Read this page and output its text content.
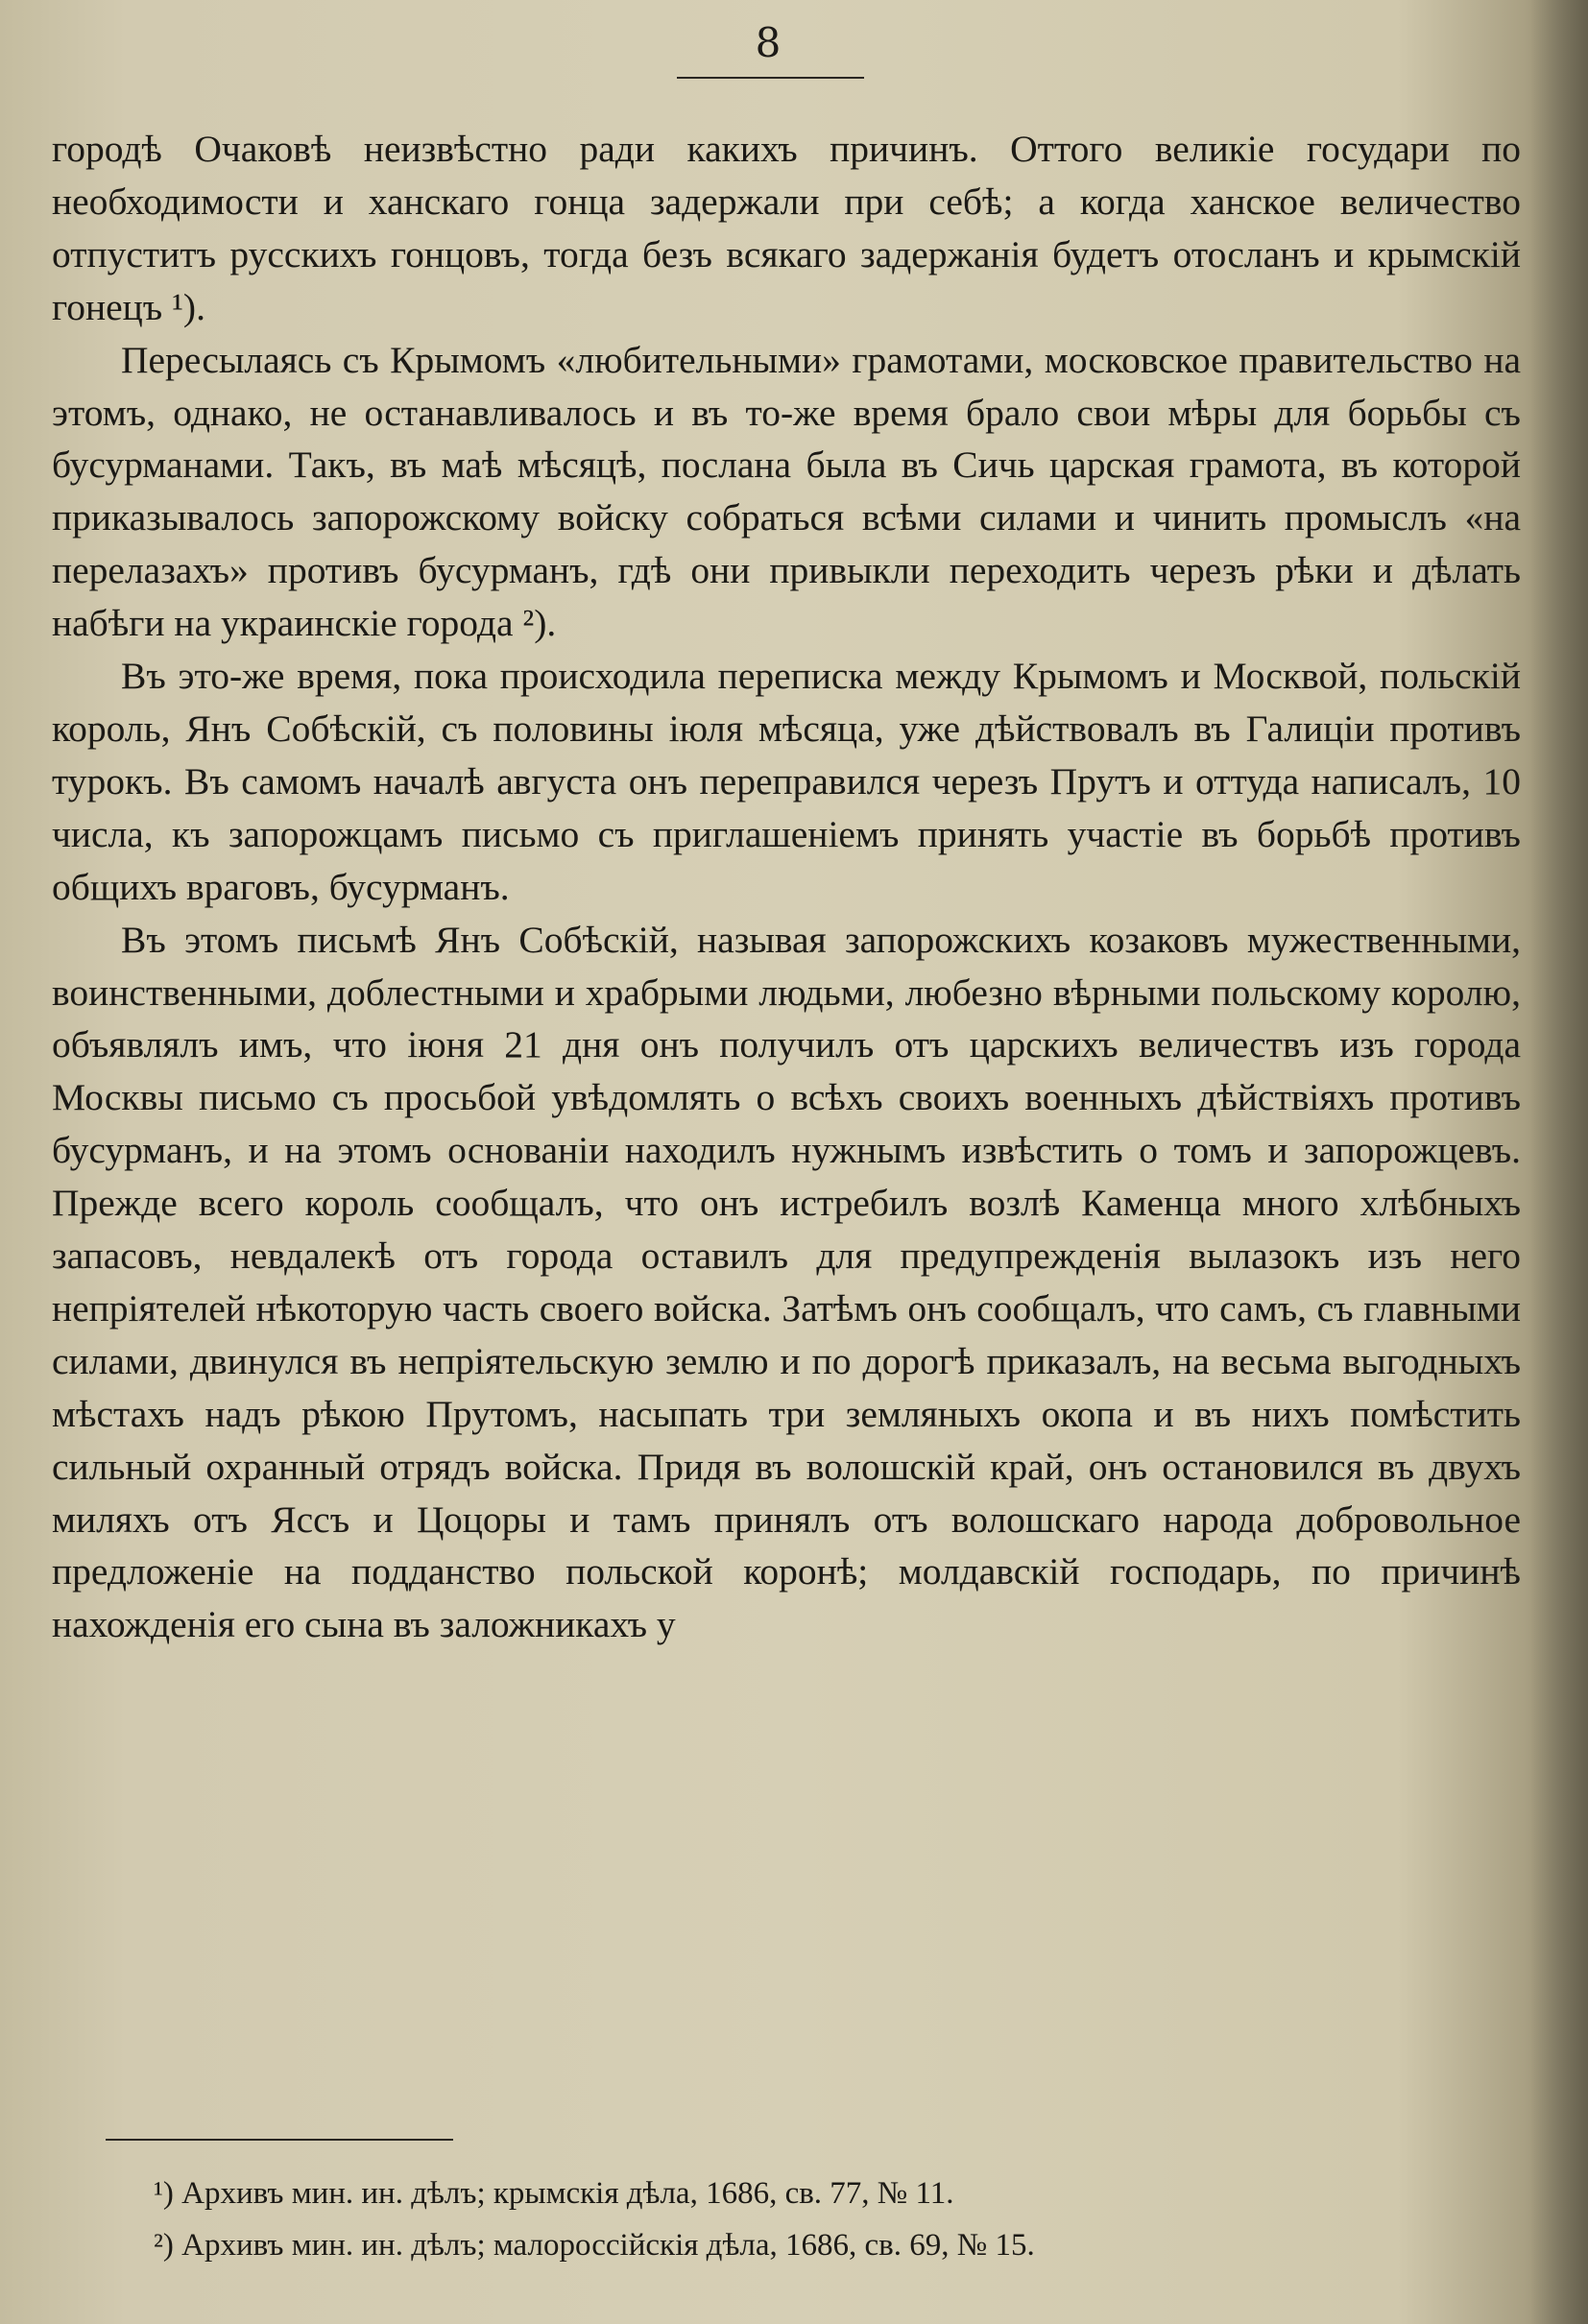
8

городѣ Очаковѣ неизвѣстно ради какихъ причинъ. Оттого великіе государи по необходимости и ханскаго гонца задержали при себѣ; а когда ханское величество отпуститъ русскихъ гонцовъ, тогда безъ всякаго задержанія будетъ отосланъ и крымскій гонецъ ¹).

Пересылаясь съ Крымомъ «любительными» грамотами, московское правительство на этомъ, однако, не останавливалось и въ то-же время брало свои мѣры для борьбы съ бусурманами. Такъ, въ маѣ мѣсяцѣ, послана была въ Сичь царская грамота, въ которой приказывалось запорожскому войску собраться всѣми силами и чинить промыслъ «на перелазахъ» противъ бусурманъ, гдѣ они привыкли переходить черезъ рѣки и дѣлать набѣги на украинскіе города ²).

Въ это-же время, пока происходила переписка между Крымомъ и Москвой, польскій король, Янъ Собѣскій, съ половины іюля мѣсяца, уже дѣйствовалъ въ Галиціи противъ турокъ. Въ самомъ началѣ августа онъ переправился черезъ Прутъ и оттуда написалъ, 10 числа, къ запорожцамъ письмо съ приглашеніемъ принять участіе въ борьбѣ противъ общихъ враговъ, бусурманъ.

Въ этомъ письмѣ Янъ Собѣскій, называя запорожскихъ козаковъ мужественными, воинственными, доблестными и храбрыми людьми, любезно вѣрными польскому королю, объявлялъ имъ, что іюня 21 дня онъ получилъ отъ царскихъ величествъ изъ города Москвы письмо съ просьбой увѣдомлять о всѣхъ своихъ военныхъ дѣйствіяхъ противъ бусурманъ, и на этомъ основаніи находилъ нужнымъ извѣстить о томъ и запорожцевъ. Прежде всего король сообщалъ, что онъ истребилъ возлѣ Каменца много хлѣбныхъ запасовъ, невдалекѣ отъ города оставилъ для предупрежденія вылазокъ изъ него непріятелей нѣкоторую часть своего войска. Затѣмъ онъ сообщалъ, что самъ, съ главными силами, двинулся въ непріятельскую землю и по дорогѣ приказалъ, на весьма выгодныхъ мѣстахъ надъ рѣкою Прутомъ, насыпать три земляныхъ окопа и въ нихъ помѣстить сильный охранный отрядъ войска. Придя въ волошскій край, онъ остановился въ двухъ миляхъ отъ Яссъ и Цоцоры и тамъ принялъ отъ волошскаго народа добровольное предложеніе на подданство польской коронѣ; молдавскій господарь, по причинѣ нахожденія его сына въ заложникахъ у

¹) Архивъ мин. ин. дѣлъ; крымскія дѣла, 1686, св. 77, № 11.
²) Архивъ мин. ин. дѣлъ; малороссійскія дѣла, 1686, св. 69, № 15.
